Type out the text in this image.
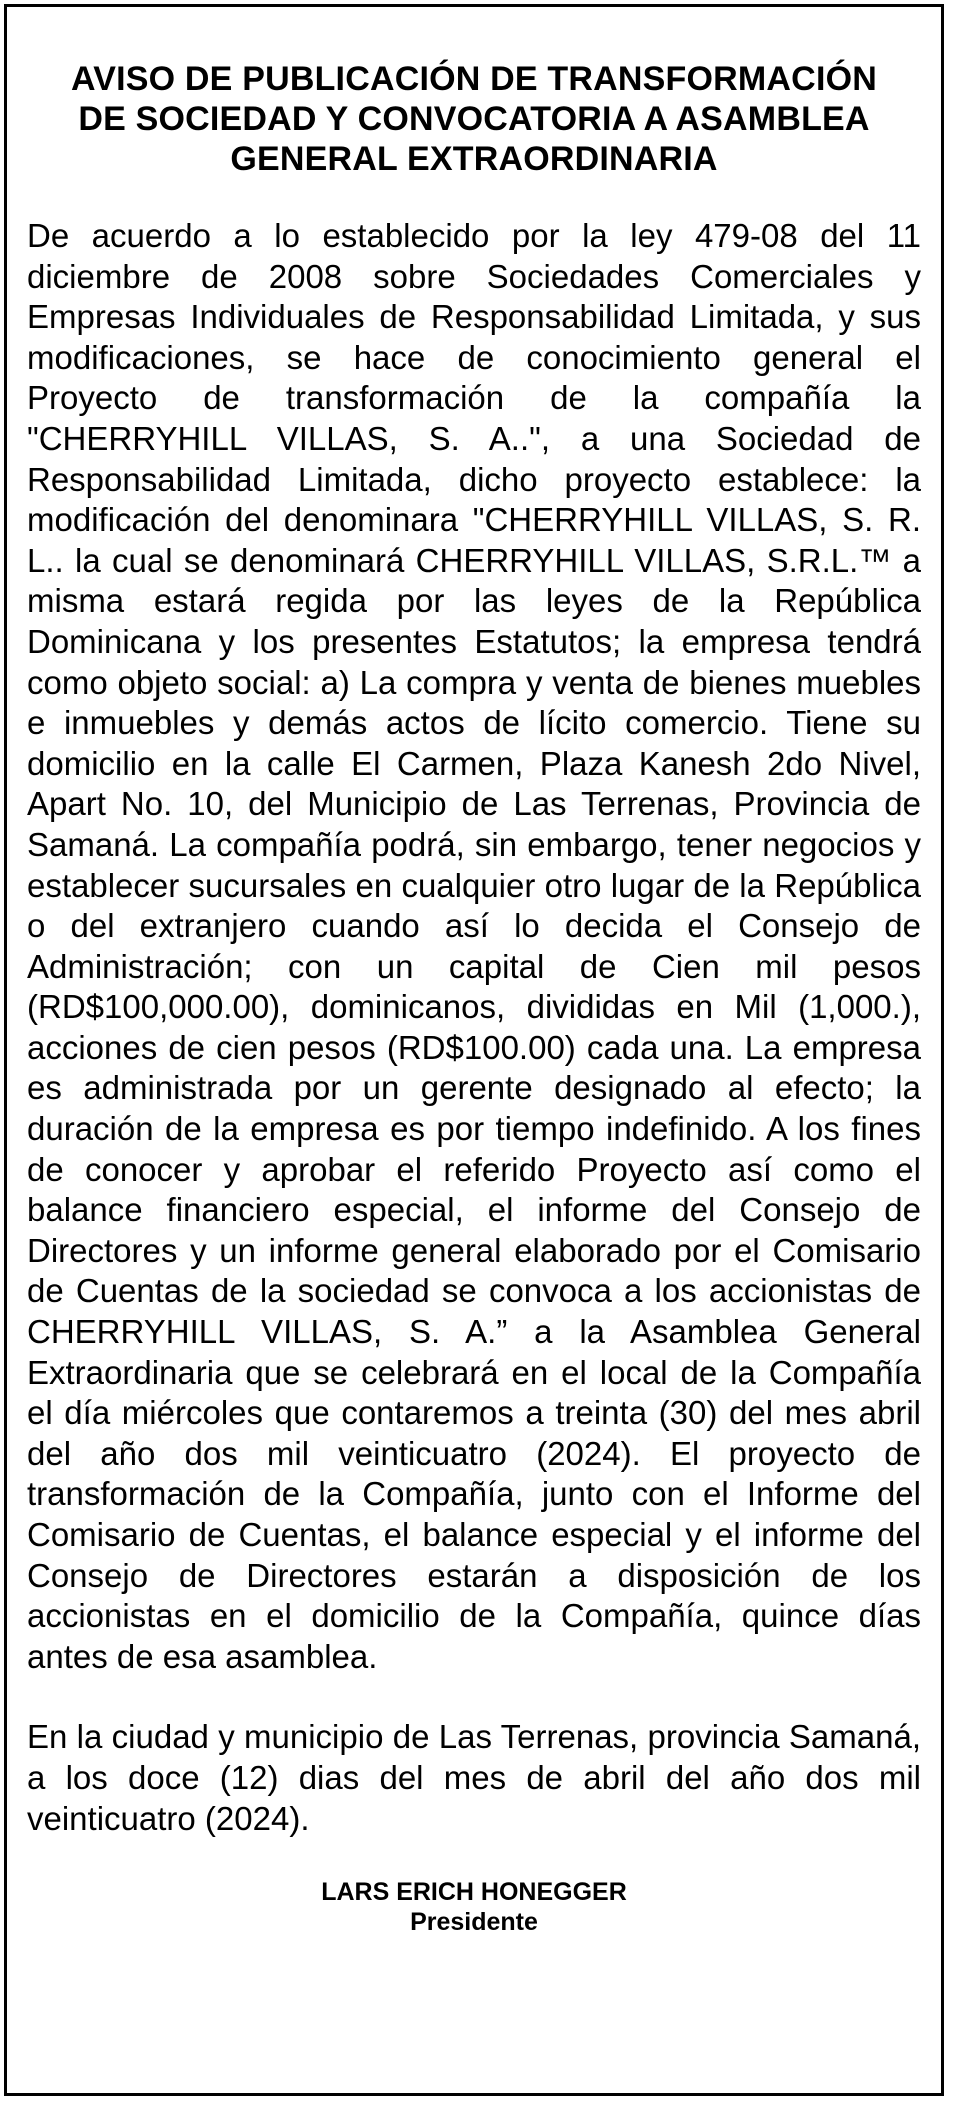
AVISO DE PUBLICACIÓN DE TRANSFORMACIÓN
DE SOCIEDAD Y CONVOCATORIA A ASAMBLEA
GENERAL EXTRAORDINARIA

De acuerdo a lo establecido por la ley 479-08 del 11 diciembre de 2008 sobre Sociedades Comerciales y Empresas Individuales de Responsabilidad Limitada, y sus modificaciones, se hace de conocimiento general el Proyecto de transformación de la compañía la "CHERRYHILL VILLAS, S. A..", a una Sociedad de Responsabilidad Limitada, dicho proyecto establece: la modificación del denominara "CHERRYHILL VILLAS, S. R. L.. la cual se denominará CHERRYHILL VILLAS, S.R.L.™ a misma estará regida por las leyes de la República Dominicana y los presentes Estatutos; la empresa tendrá como objeto social: a) La compra y venta de bienes muebles e inmuebles y demás actos de lícito comercio. Tiene su domicilio en la calle El Carmen, Plaza Kanesh 2do Nivel, Apart No. 10, del Municipio de Las Terrenas, Provincia de Samaná. La compañía podrá, sin embargo, tener negocios y establecer sucursales en cualquier otro lugar de la República o del extranjero cuando así lo decida el Consejo de Administración; con un capital de Cien mil pesos (RD$100,000.00), dominicanos, divididas en Mil (1,000.), acciones de cien pesos (RD$100.00) cada una. La empresa es administrada por un gerente designado al efecto; la duración de la empresa es por tiempo indefinido. A los fines de conocer y aprobar el referido Proyecto así como el balance financiero especial, el informe del Consejo de Directores y un informe general elaborado por el Comisario de Cuentas de la sociedad se convoca a los accionistas de CHERRYHILL VILLAS, S. A.” a la Asamblea General Extraordinaria que se celebrará en el local de la Compañía el día miércoles que contaremos a treinta (30) del mes abril del año dos mil veinticuatro (2024). El proyecto de transformación de la Compañía, junto con el Informe del Comisario de Cuentas, el balance especial y el informe del Consejo de Directores estarán a disposición de los accionistas en el domicilio de la Compañía, quince días antes de esa asamblea.

En la ciudad y municipio de Las Terrenas, provincia Samaná, a los doce (12) dias del mes de abril del año dos mil veinticuatro (2024).

LARS ERICH HONEGGER
Presidente
